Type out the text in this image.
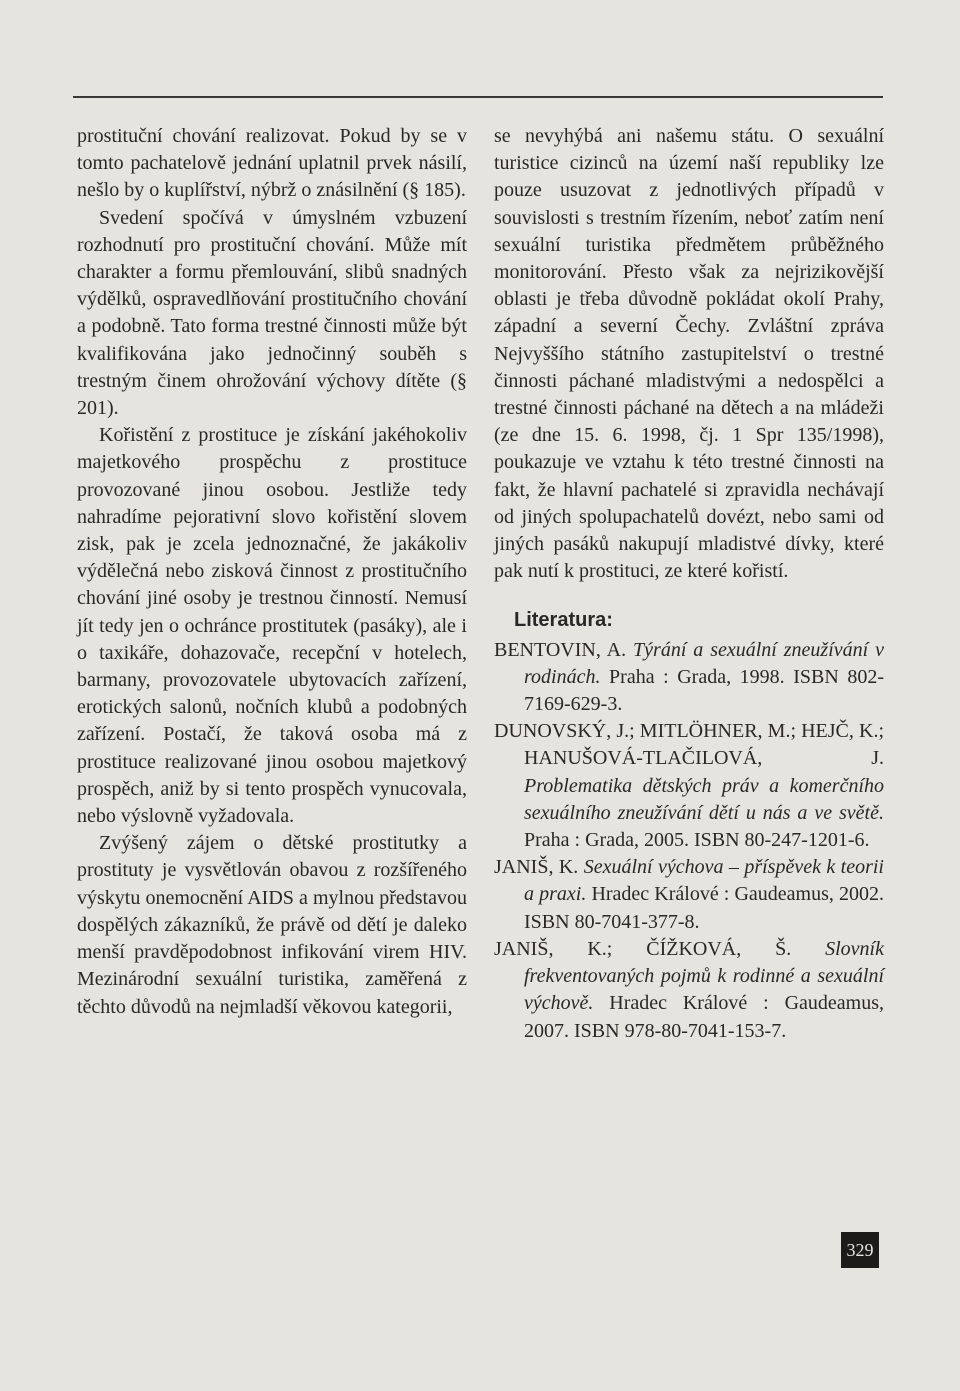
prostituční chování realizovat. Pokud by se v tomto pachatelově jednání uplatnil prvek násilí, nešlo by o kuplířství, nýbrž o znásilnění (§ 185).

Svedení spočívá v úmyslném vzbuzení rozhodnutí pro prostituční chování. Může mít charakter a formu přemlouvání, slibů snadných výdělků, ospravedlňování prostitučního chování a podobně. Tato forma trestné činnosti může být kvalifikována jako jednočinný souběh s trestným činem ohrožování výchovy dítěte (§ 201).

Kořistění z prostituce je získání jakéhokoliv majetkového prospěchu z prostituce provozované jinou osobou. Jestliže tedy nahradíme pejorativní slovo kořistění slovem zisk, pak je zcela jednoznačné, že jakákoliv výdělečná nebo zisková činnost z prostitučního chování jiné osoby je trestnou činností. Nemusí jít tedy jen o ochránce prostitutek (pasáky), ale i o taxikáře, dohazovače, recepční v hotelech, barmany, provozovatele ubytovacích zařízení, erotických salonů, nočních klubů a podobných zařízení. Postačí, že taková osoba má z prostituce realizované jinou osobou majetkový prospěch, aniž by si tento prospěch vynucovala, nebo výslovně vyžadovala.

Zvýšený zájem o dětské prostitutky a prostituty je vysvětlován obavou z rozšířeného výskytu onemocnění AIDS a mylnou představou dospělých zákazníků, že právě od dětí je daleko menší pravděpodobnost infikování virem HIV. Mezinárodní sexuální turistika, zaměřená z těchto důvodů na nejmladší věkovou kategorii,

se nevyhýbá ani našemu státu. O sexuální turistice cizinců na území naší republiky lze pouze usuzovat z jednotlivých případů v souvislosti s trestním řízením, neboť zatím není sexuální turistika předmětem průběžného monitorování. Přesto však za nejrizikovější oblasti je třeba důvodně pokládat okolí Prahy, západní a severní Čechy. Zvláštní zpráva Nejvyššího státního zastupitelství o trestné činnosti páchané mladistvými a nedospělci a trestné činnosti páchané na dětech a na mládeži (ze dne 15. 6. 1998, čj. 1 Spr 135/1998), poukazuje ve vztahu k této trestné činnosti na fakt, že hlavní pachatelé si zpravidla nechávají od jiných spolupachatelů dovézt, nebo sami od jiných pasáků nakupují mladistvé dívky, které pak nutí k prostituci, ze které kořistí.

Literatura:

BENTOVIN, A. Týrání a sexuální zneužívání v rodinách. Praha : Grada, 1998. ISBN 802-7169-629-3.

DUNOVSKÝ, J.; MITLÖHNER, M.; HEJČ, K.; HANUŠOVÁ-TLAČILOVÁ, J. Problematika dětských práv a komerčního sexuálního zneužívání dětí u nás a ve světě. Praha : Grada, 2005. ISBN 80-247-1201-6.

JANIŠ, K. Sexuální výchova – příspěvek k teorii a praxi. Hradec Králové : Gaudeamus, 2002. ISBN 80-7041-377-8.

JANIŠ, K.; ČÍŽKOVÁ, Š. Slovník frekventovaných pojmů k rodinné a sexuální výchově. Hradec Králové : Gaudeamus, 2007. ISBN 978-80-7041-153-7.

329
